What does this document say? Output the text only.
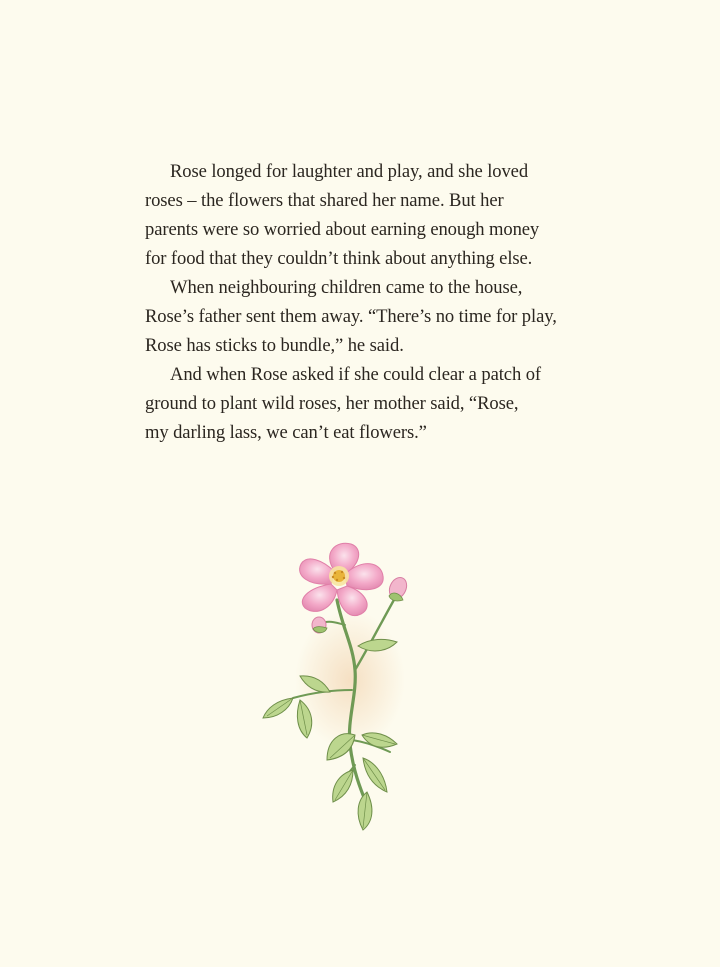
Rose longed for laughter and play, and she loved
roses – the flowers that shared her name. But her
parents were so worried about earning enough money
for food that they couldn’t think about anything else.

When neighbouring children came to the house,
Rose’s father sent them away. “There’s no time for play,
Rose has sticks to bundle,” he said.

And when Rose asked if she could clear a patch of
ground to plant wild roses, her mother said, “Rose,
my darling lass, we can’t eat flowers.”
